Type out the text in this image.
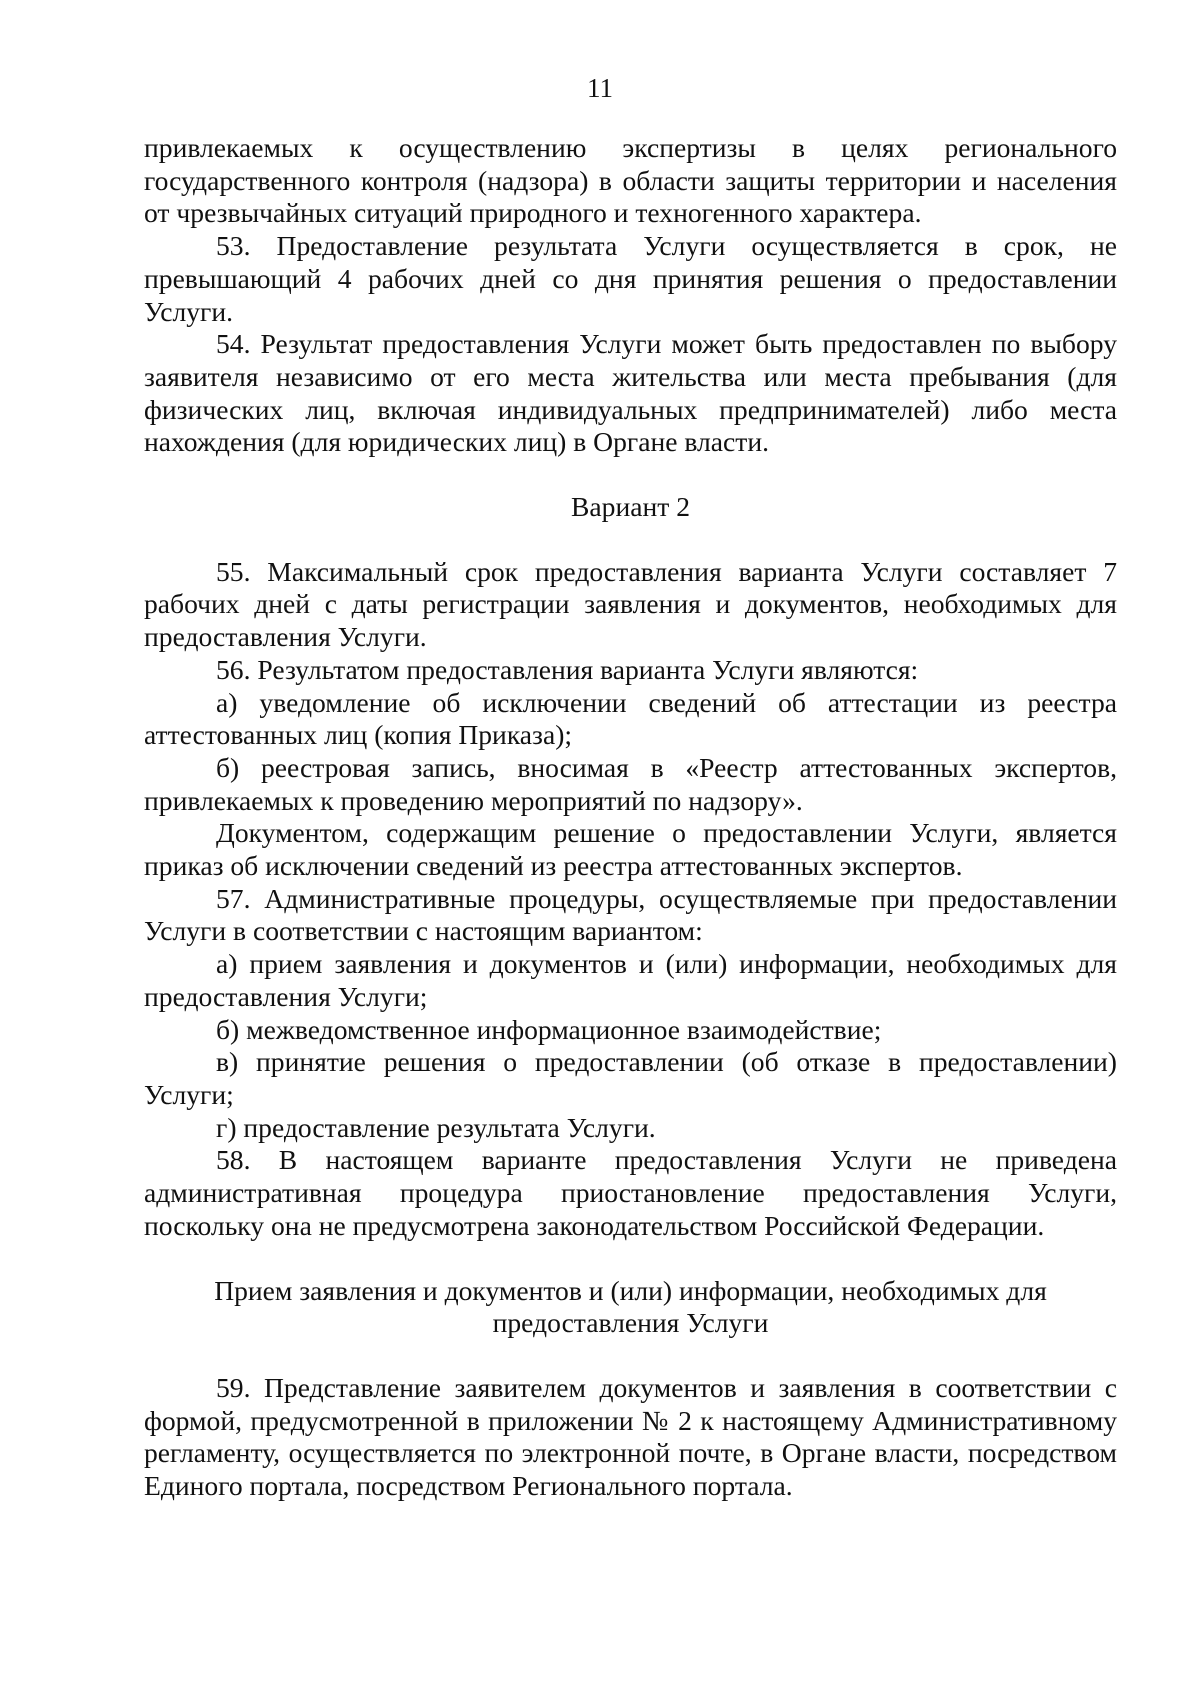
11

привлекаемых к осуществлению экспертизы в целях регионального государственного контроля (надзора) в области защиты территории и населения от чрезвычайных ситуаций природного и техногенного характера.

53. Предоставление результата Услуги осуществляется в срок, не превышающий 4 рабочих дней со дня принятия решения о предоставлении Услуги.

54. Результат предоставления Услуги может быть предоставлен по выбору заявителя независимо от его места жительства или места пребывания (для физических лиц, включая индивидуальных предпринимателей) либо места нахождения (для юридических лиц) в Органе власти.

Вариант 2

55. Максимальный срок предоставления варианта Услуги составляет 7 рабочих дней с даты регистрации заявления и документов, необходимых для предоставления Услуги.

56. Результатом предоставления варианта Услуги являются:

а) уведомление об исключении сведений об аттестации из реестра аттестованных лиц (копия Приказа);

б) реестровая запись, вносимая в «Реестр аттестованных экспертов, привлекаемых к проведению мероприятий по надзору».

Документом, содержащим решение о предоставлении Услуги, является приказ об исключении сведений из реестра аттестованных экспертов.

57. Административные процедуры, осуществляемые при предоставлении Услуги в соответствии с настоящим вариантом:

а) прием заявления и документов и (или) информации, необходимых для предоставления Услуги;

б) межведомственное информационное взаимодействие;

в) принятие решения о предоставлении (об отказе в предоставлении) Услуги;

г) предоставление результата Услуги.

58. В настоящем варианте предоставления Услуги не приведена административная процедура приостановление предоставления Услуги, поскольку она не предусмотрена законодательством Российской Федерации.

Прием заявления и документов и (или) информации, необходимых для

предоставления Услуги

59. Представление заявителем документов и заявления в соответствии с формой, предусмотренной в приложении № 2 к настоящему Административному регламенту, осуществляется по электронной почте, в Органе власти, посредством Единого портала, посредством Регионального портала.
